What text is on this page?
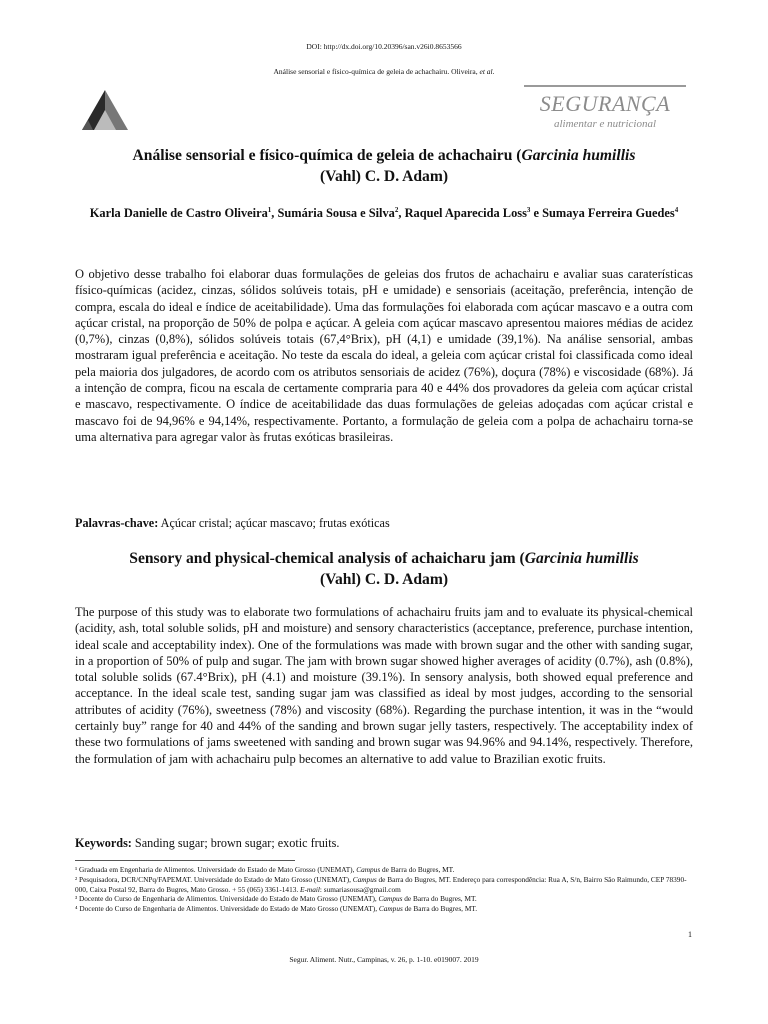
DOI: http://dx.doi.org/10.20396/san.v26i0.8653566
Análise sensorial e físico-química de geleia de achachairu. Oliveira, et al.
SEGURANÇA
alimentar e nutricional
Análise sensorial e físico-química de geleia de achachairu (Garcinia humillis
(Vahl) C. D. Adam)
Karla Danielle de Castro Oliveira$^1$, Sumária Sousa e Silva$^2$, Raquel Aparecida Loss$^3$ e Sumaya Ferreira Guedes$^4$

O objetivo desse trabalho foi elaborar duas formulações de geleias dos frutos de achachairu e avaliar suas caraterísticas físico-químicas (acidez, cinzas, sólidos solúveis totais, pH e umidade) e sensoriais (aceitação, preferência, intenção de compra, escala do ideal e índice de aceitabilidade). Uma das formulações foi elaborada com açúcar mascavo e a outra com açúcar cristal, na proporção de 50% de polpa e açúcar. A geleia com açúcar mascavo apresentou maiores médias de acidez (0,7%), cinzas (0,8%), sólidos solúveis totais (67,4°Brix), pH (4,1) e umidade (39,1%). Na análise sensorial, ambas mostraram igual preferência e aceitação. No teste da escala do ideal, a geleia com açúcar cristal foi classificada como ideal pela maioria dos julgadores, de acordo com os atributos sensoriais de acidez (76%), doçura (78%) e viscosidade (68%). Já a intenção de compra, ficou na escala de certamente compraria para 40 e 44% dos provadores da geleia com açúcar cristal e mascavo, respectivamente. O índice de aceitabilidade das duas formulações de geleias adoçadas com açúcar cristal e mascavo foi de 94,96% e 94,14%, respectivamente. Portanto, a formulação de geleia com a polpa de achachairu torna-se uma alternativa para agregar valor às frutas exóticas brasileiras.

Palavras-chave: Açúcar cristal; açúcar mascavo; frutas exóticas
Sensory and physical-chemical analysis of achaicharu jam (Garcinia humillis
(Vahl) C. D. Adam)

The purpose of this study was to elaborate two formulations of achachairu fruits jam and to evaluate its physical-chemical (acidity, ash, total soluble solids, pH and moisture) and sensory characteristics (acceptance, preference, purchase intention, ideal scale and acceptability index). One of the formulations was made with brown sugar and the other with sanding sugar, in a proportion of 50% of pulp and sugar. The jam with brown sugar showed higher averages of acidity (0.7%), ash (0.8%), total soluble solids (67.4°Brix), pH (4.1) and moisture (39.1%). In sensory analysis, both showed equal preference and acceptance. In the ideal scale test, sanding sugar jam was classified as ideal by most judges, according to the sensorial attributes of acidity (76%), sweetness (78%) and viscosity (68%). Regarding the purchase intention, it was in the “would certainly buy” range for 40 and 44% of the sanding and brown sugar jelly tasters, respectively. The acceptability index of these two formulations of jams sweetened with sanding and brown sugar was 94.96% and 94.14%, respectively. Therefore, the formulation of jam with achachairu pulp becomes an alternative to add value to Brazilian exotic fruits.

Keywords: Sanding sugar; brown sugar; exotic fruits.
¹ Graduada em Engenharia de Alimentos. Universidade do Estado de Mato Grosso (UNEMAT), Campus de Barra do Bugres, MT.
² Pesquisadora, DCR/CNPq/FAPEMAT. Universidade do Estado de Mato Grosso (UNEMAT), Campus de Barra do Bugres, MT. Endereço para correspondência: Rua A, S/n, Bairro São Raimundo, CEP 78390-000, Caixa Postal 92, Barra do Bugres, Mato Grosso. + 55 (065) 3361-1413. E-mail: sumariasousa@gmail.com
³ Docente do Curso de Engenharia de Alimentos. Universidade do Estado de Mato Grosso (UNEMAT), Campus de Barra do Bugres, MT.
⁴ Docente do Curso de Engenharia de Alimentos. Universidade do Estado de Mato Grosso (UNEMAT), Campus de Barra do Bugres, MT.
1
Segur. Aliment. Nutr., Campinas, v. 26, p. 1-10. e019007. 2019
